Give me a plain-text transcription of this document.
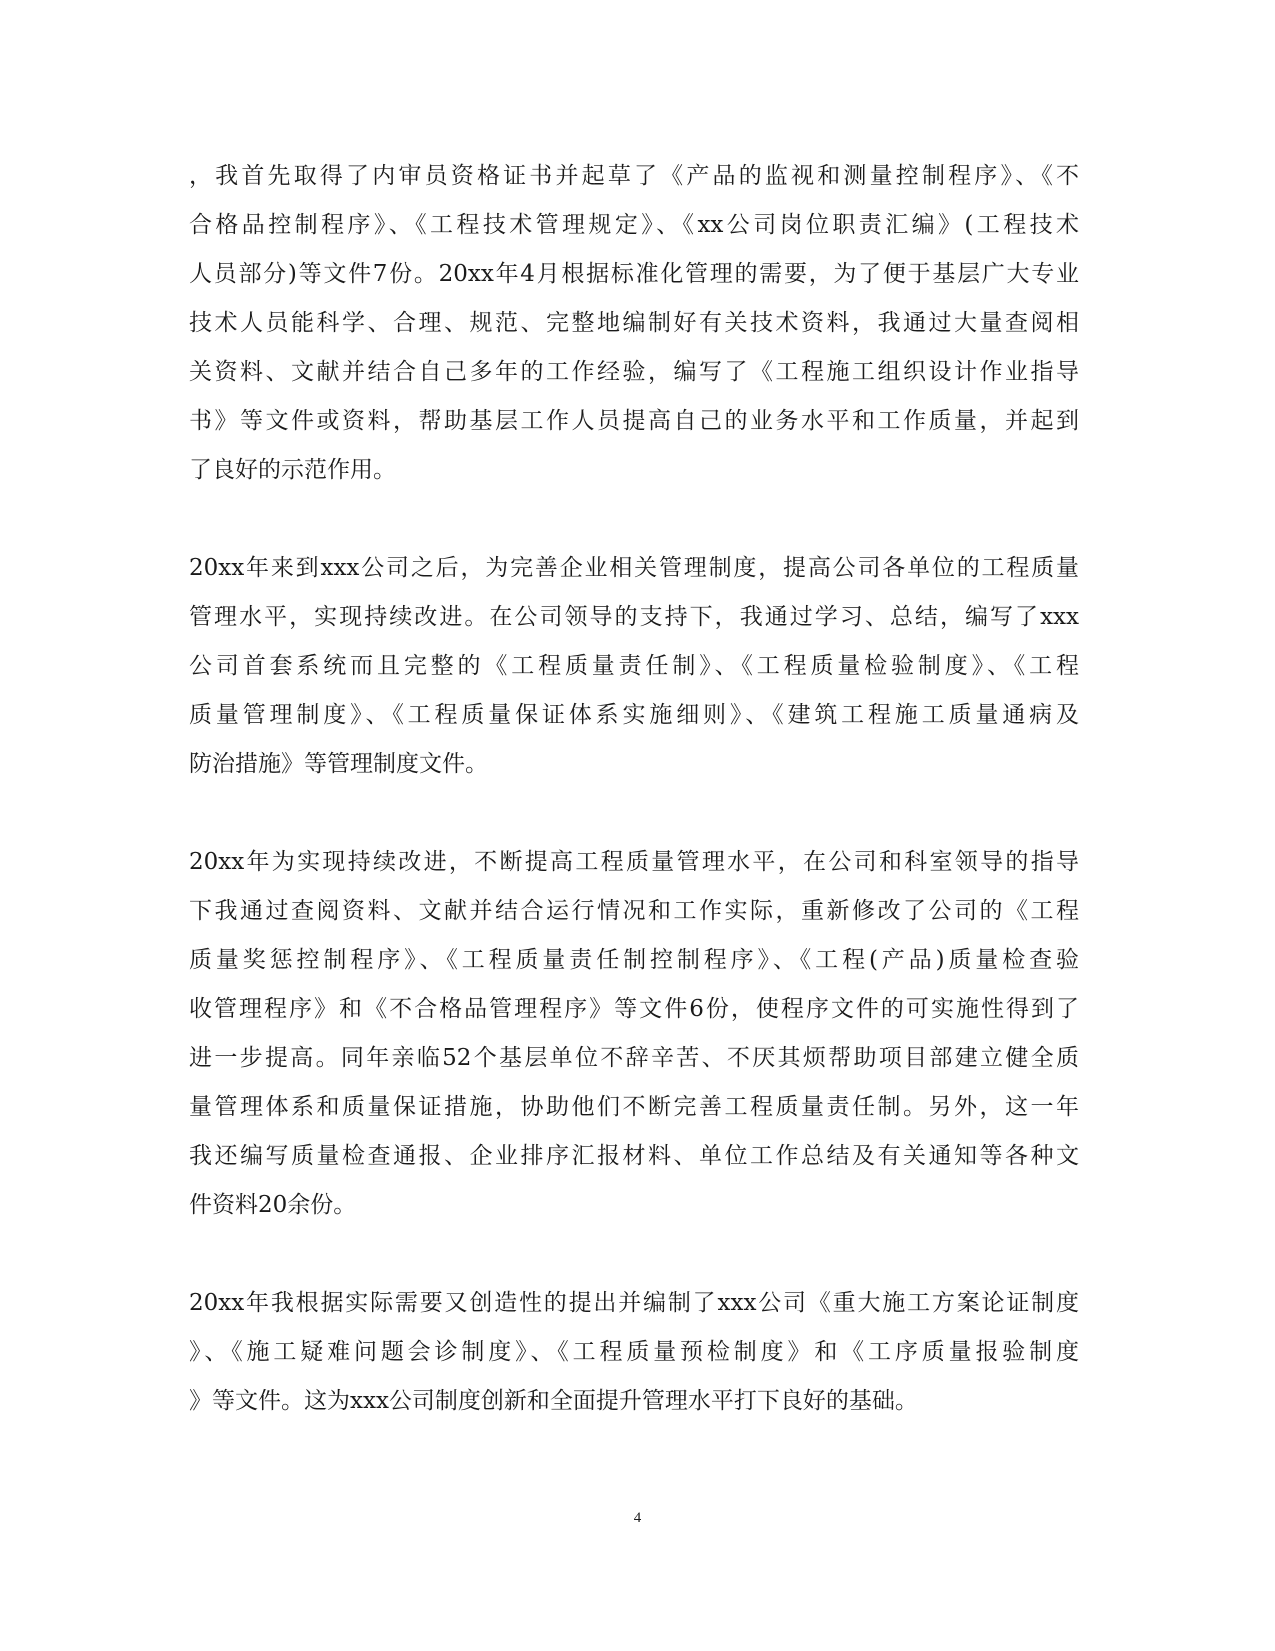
，我首先取得了内审员资格证书并起草了《产品的监视和测量控制程序》、《不
合格品控制程序》、《工程技术管理规定》、《xx公司岗位职责汇编》(工程技术
人员部分)等文件7份。20xx年4月根据标准化管理的需要，为了便于基层广大专业
技术人员能科学、合理、规范、完整地编制好有关技术资料，我通过大量查阅相
关资料、文献并结合自己多年的工作经验，编写了《工程施工组织设计作业指导
书》等文件或资料，帮助基层工作人员提高自己的业务水平和工作质量，并起到
了良好的示范作用。
20xx年来到xxx公司之后，为完善企业相关管理制度，提高公司各单位的工程质量
管理水平，实现持续改进。在公司领导的支持下，我通过学习、总结，编写了xxx
公司首套系统而且完整的《工程质量责任制》、《工程质量检验制度》、《工程
质量管理制度》、《工程质量保证体系实施细则》、《建筑工程施工质量通病及
防治措施》等管理制度文件。
20xx年为实现持续改进，不断提高工程质量管理水平，在公司和科室领导的指导
下我通过查阅资料、文献并结合运行情况和工作实际，重新修改了公司的《工程
质量奖惩控制程序》、《工程质量责任制控制程序》、《工程(产品)质量检查验
收管理程序》和《不合格品管理程序》等文件6份，使程序文件的可实施性得到了
进一步提高。同年亲临52个基层单位不辞辛苦、不厌其烦帮助项目部建立健全质
量管理体系和质量保证措施，协助他们不断完善工程质量责任制。另外，这一年
我还编写质量检查通报、企业排序汇报材料、单位工作总结及有关通知等各种文
件资料20余份。
20xx年我根据实际需要又创造性的提出并编制了xxx公司《重大施工方案论证制度
》、《施工疑难问题会诊制度》、《工程质量预检制度》和《工序质量报验制度
》等文件。这为xxx公司制度创新和全面提升管理水平打下良好的基础。
4
